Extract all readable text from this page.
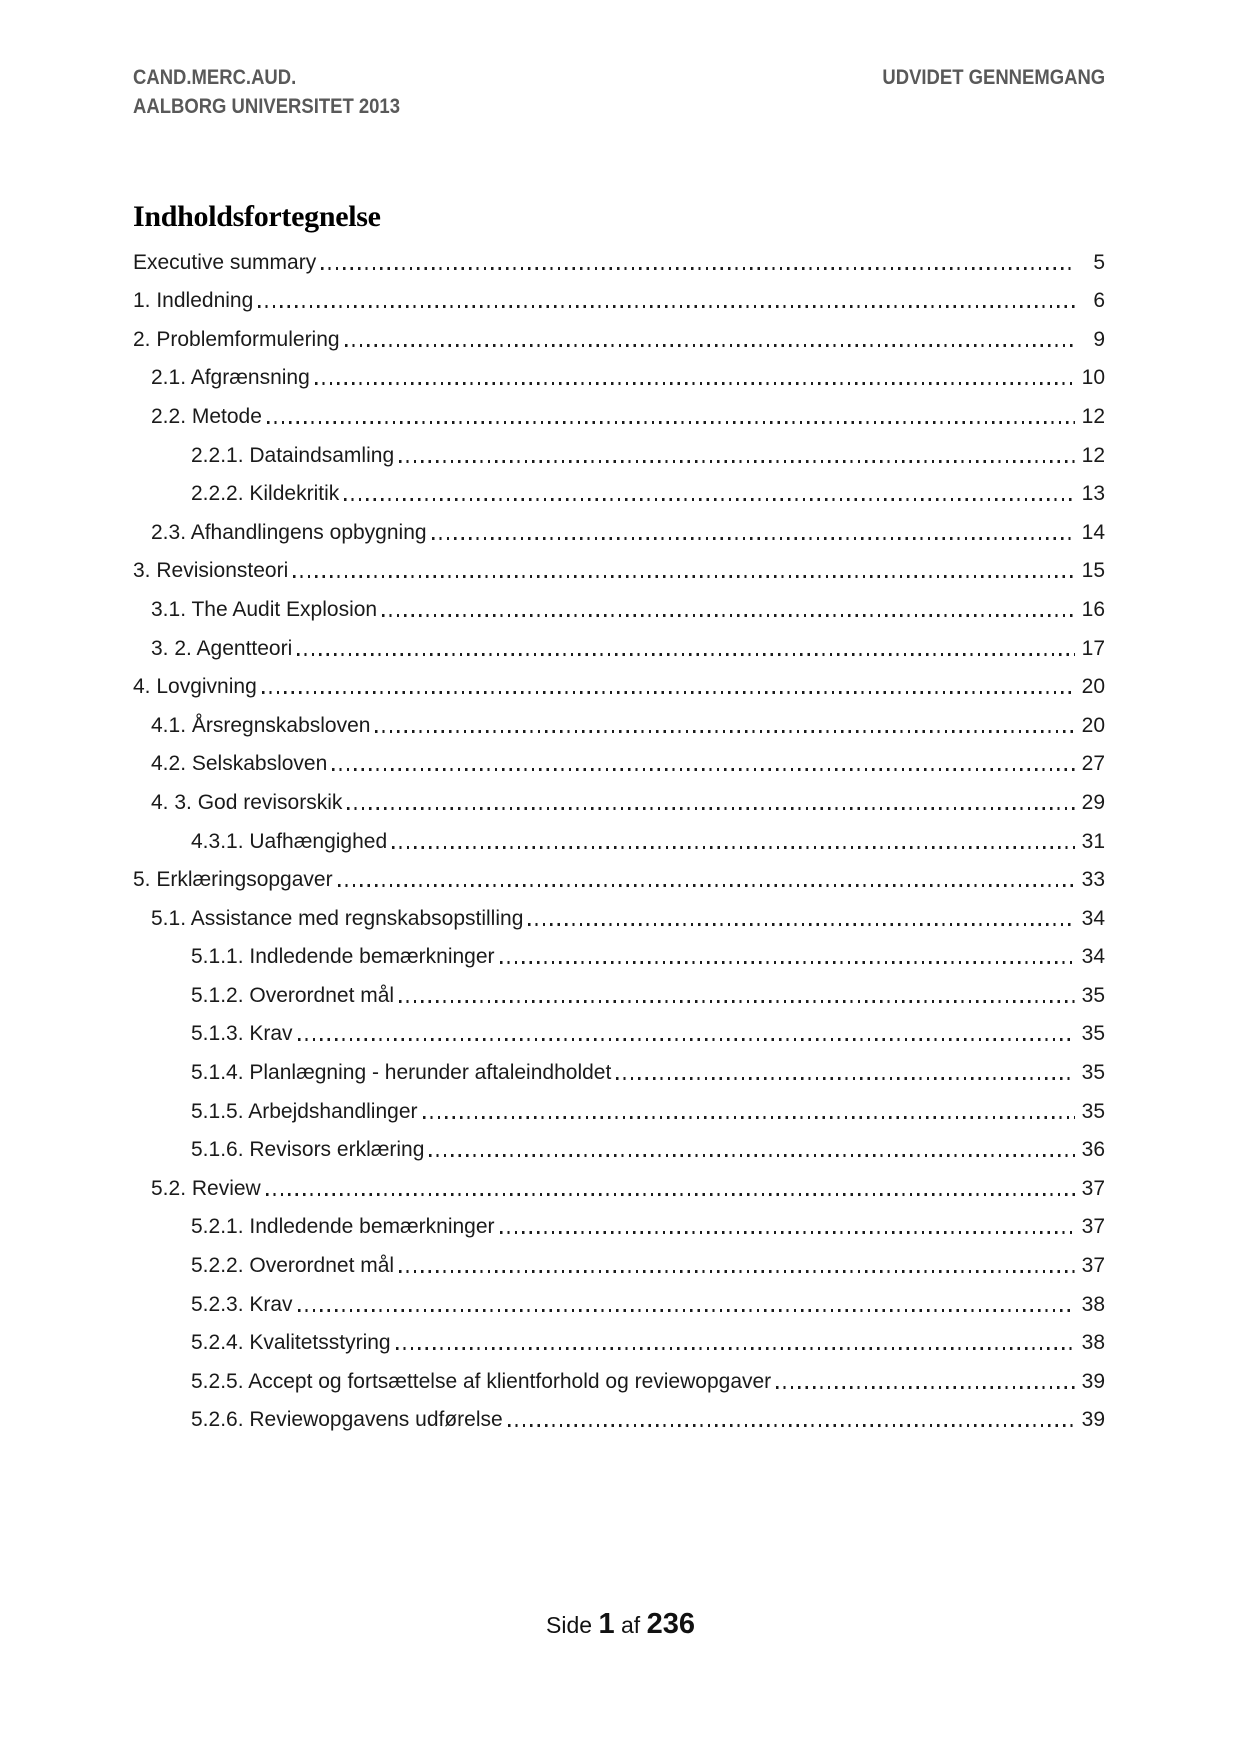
CAND.MERC.AUD.
AALBORG UNIVERSITET 2013
UDVIDET GENNEMGANG
Indholdsfortegnelse
Executive summary	5
1. Indledning	6
2. Problemformulering	9
2.1. Afgrænsning	10
2.2. Metode	12
2.2.1. Dataindsamling	12
2.2.2. Kildekritik	13
2.3. Afhandlingens opbygning	14
3. Revisionsteori	15
3.1. The Audit Explosion	16
3. 2. Agentteori	17
4. Lovgivning	20
4.1. Årsregnskabsloven	20
4.2. Selskabsloven	27
4. 3. God revisorskik	29
4.3.1. Uafhængighed	31
5. Erklæringsopgaver	33
5.1. Assistance med regnskabsopstilling	34
5.1.1. Indledende bemærkninger	34
5.1.2. Overordnet mål	35
5.1.3. Krav	35
5.1.4. Planlægning - herunder aftaleindholdet	35
5.1.5. Arbejdshandlinger	35
5.1.6. Revisors erklæring	36
5.2. Review	37
5.2.1. Indledende bemærkninger	37
5.2.2. Overordnet mål	37
5.2.3. Krav	38
5.2.4. Kvalitetsstyring	38
5.2.5. Accept og fortsættelse af klientforhold og reviewopgaver	39
5.2.6. Reviewopgavens udførelse	39
Side 1 af 236
